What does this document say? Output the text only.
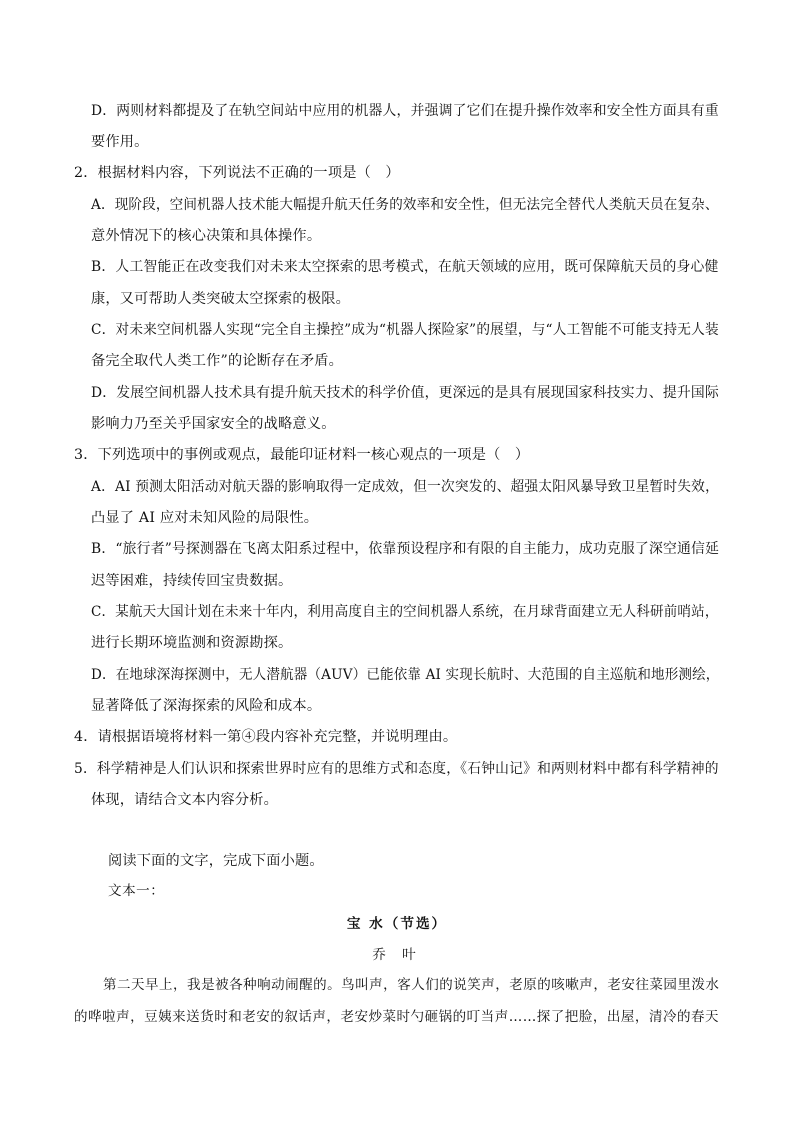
D．两则材料都提及了在轨空间站中应用的机器人，并强调了它们在提升操作效率和安全性方面具有重
要作用。
2．根据材料内容，下列说法不正确的一项是（　）
A．现阶段，空间机器人技术能大幅提升航天任务的效率和安全性，但无法完全替代人类航天员在复杂、
意外情况下的核心决策和具体操作。
B．人工智能正在改变我们对未来太空探索的思考模式，在航天领域的应用，既可保障航天员的身心健
康，又可帮助人类突破太空探索的极限。
C．对未来空间机器人实现“完全自主操控”成为“机器人探险家”的展望，与“人工智能不可能支持无人装
备完全取代人类工作”的论断存在矛盾。
D．发展空间机器人技术具有提升航天技术的科学价值，更深远的是具有展现国家科技实力、提升国际
影响力乃至关乎国家安全的战略意义。
3．下列选项中的事例或观点，最能印证材料一核心观点的一项是（　）
A．AI 预测太阳活动对航天器的影响取得一定成效，但一次突发的、超强太阳风暴导致卫星暂时失效，
凸显了 AI 应对未知风险的局限性。
B．“旅行者”号探测器在飞离太阳系过程中，依靠预设程序和有限的自主能力，成功克服了深空通信延
迟等困难，持续传回宝贵数据。
C．某航天大国计划在未来十年内，利用高度自主的空间机器人系统，在月球背面建立无人科研前哨站，
进行长期环境监测和资源勘探。
D．在地球深海探测中，无人潜航器（AUV）已能依靠 AI 实现长航时、大范围的自主巡航和地形测绘，
显著降低了深海探索的风险和成本。
4．请根据语境将材料一第④段内容补充完整，并说明理由。
5．科学精神是人们认识和探索世界时应有的思维方式和态度，《石钟山记》和两则材料中都有科学精神的
体现，请结合文本内容分析。
阅读下面的文字，完成下面小题。
文本一：
宝 水（节选）
乔 叶
第二天早上，我是被各种响动闹醒的。鸟叫声，客人们的说笑声，老原的咳嗽声，老安往菜园里泼水
的哗啦声，豆姨来送货时和老安的叙话声，老安炒菜时勺砸锅的叮当声……探了把脸，出屋，清冷的春天
